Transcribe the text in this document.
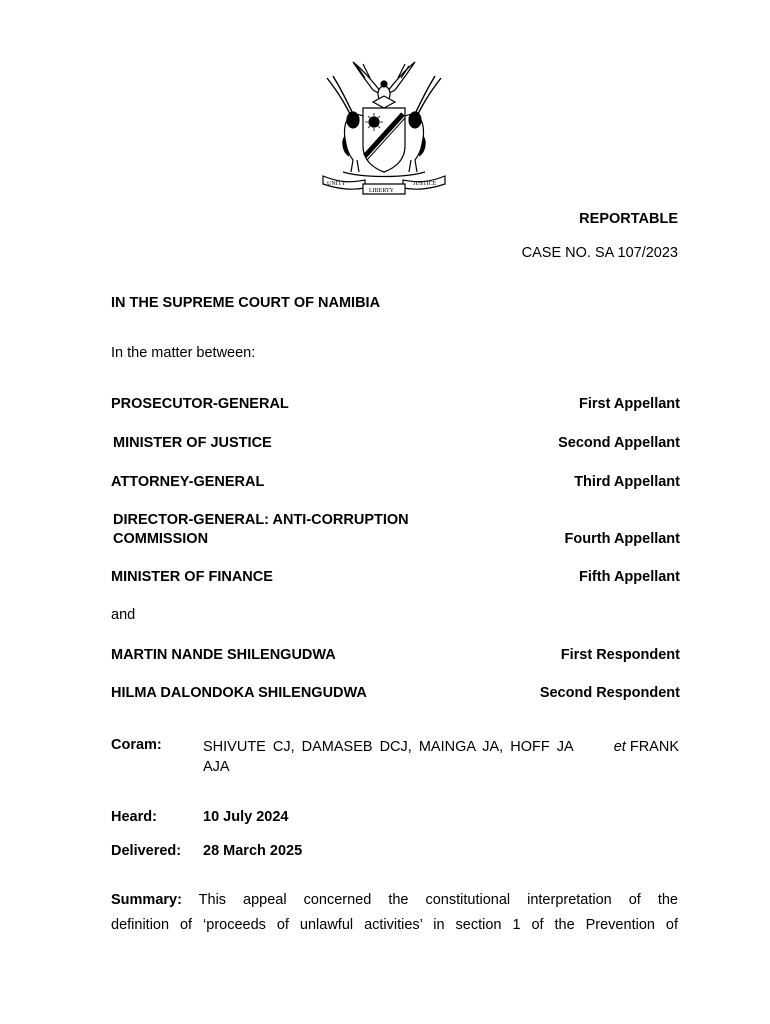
UNITY
LIBERTY
JUSTICE
REPORTABLE
CASE NO. SA 107/2023
IN THE SUPREME COURT OF NAMIBIA
In the matter between:
PROSECUTOR-GENERAL	First Appellant
MINISTER OF JUSTICE	Second Appellant
ATTORNEY-GENERAL	Third Appellant
DIRECTOR-GENERAL: ANTI-CORRUPTION COMMISSION	Fourth Appellant
MINISTER OF FINANCE	Fifth Appellant
and
MARTIN NANDE SHILENGUDWA	First Respondent
HILMA DALONDOKA SHILENGUDWA	Second Respondent
Coram:	SHIVUTE CJ, DAMASEB DCJ, MAINGA JA, HOFF JA et FRANK
AJA
Heard:	10 July 2024
Delivered: 28 March 2025
Summary: This appeal concerned the constitutional interpretation of the
definition of ‘proceeds of unlawful activities’ in section 1 of the Prevention of
